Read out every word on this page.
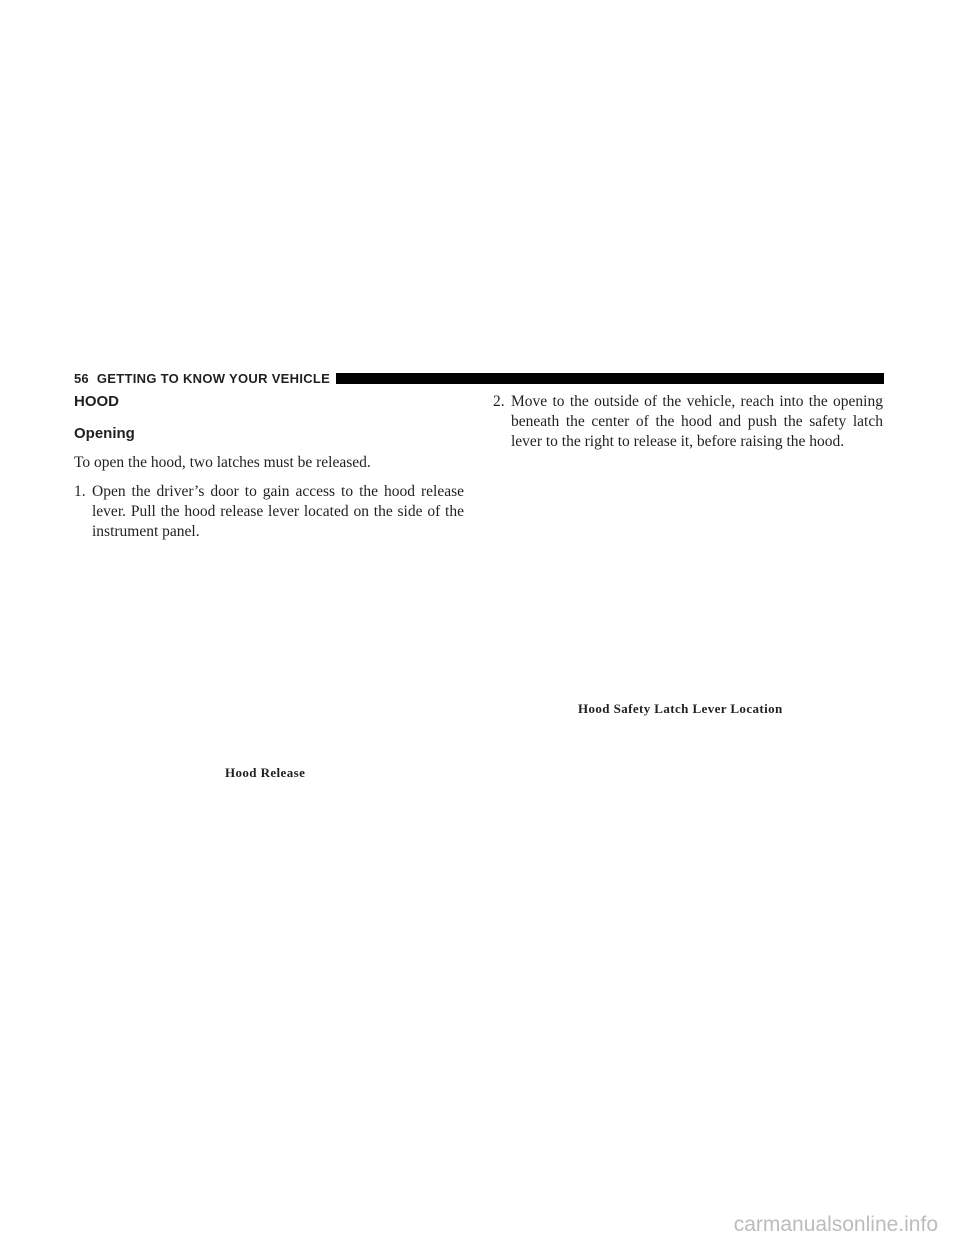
56 GETTING TO KNOW YOUR VEHICLE
HOOD
Opening

To open the hood, two latches must be released.

1. Open the driver’s door to gain access to the hood release lever. Pull the hood release lever located on the side of the instrument panel.
Hood Release
2. Move to the outside of the vehicle, reach into the opening beneath the center of the hood and push the safety latch lever to the right to release it, before raising the hood.
Hood Safety Latch Lever Location
carmanualsonline.info
